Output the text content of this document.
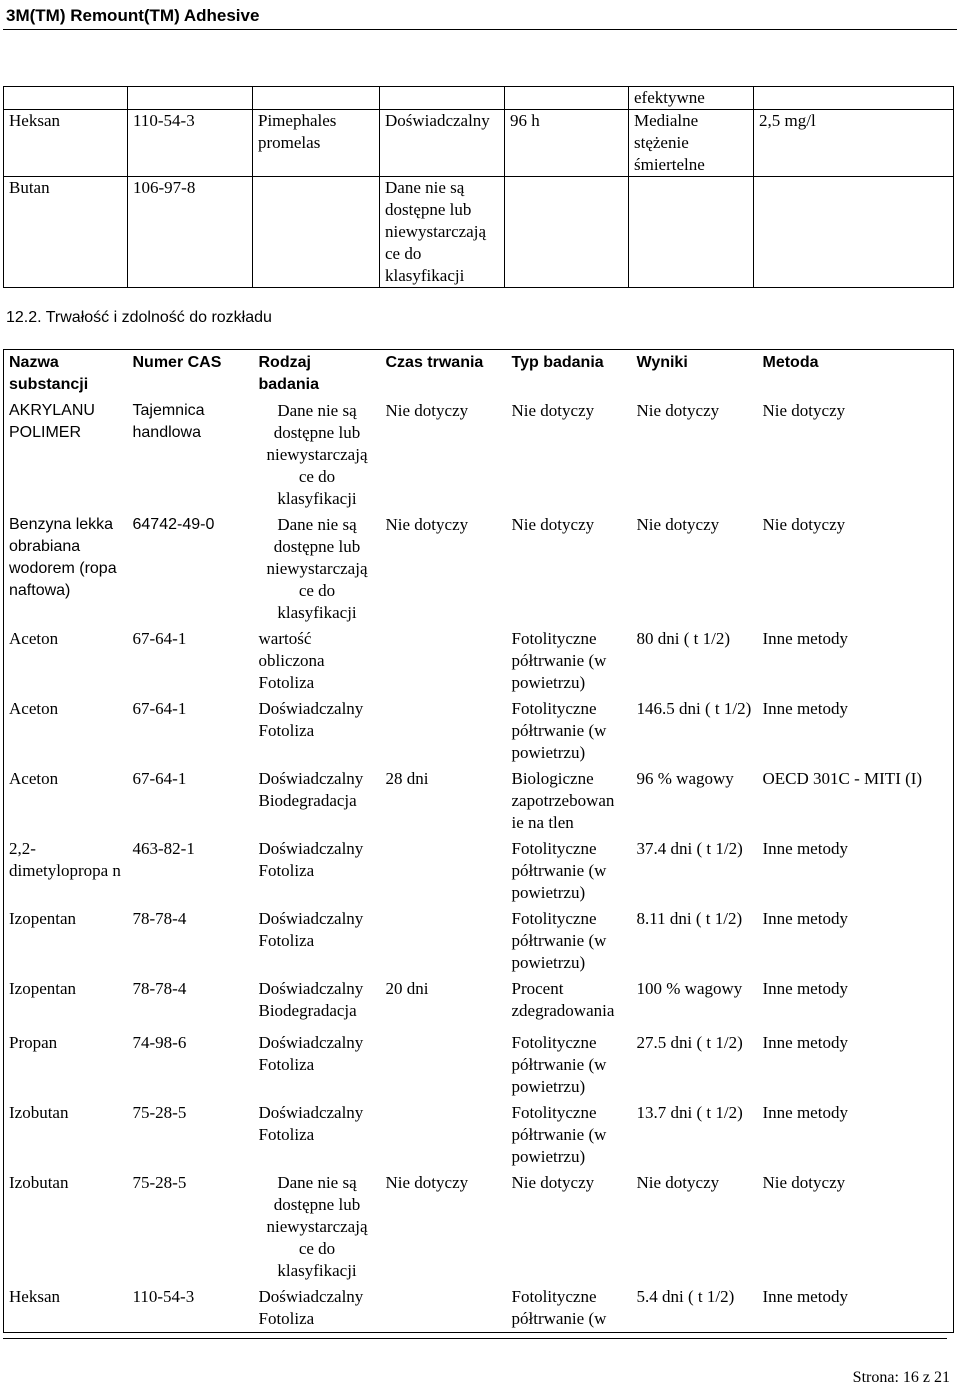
3M(TM) Remount(TM) Adhesive
					efektywne	
Heksan	110-54-3	Pimephales promelas	Doświadczalny	96 h	Medialne stężenie śmiertelne	2,5 mg/l
Butan	106-97-8		Dane nie są dostępne lub niewystarczają ce do klasyfikacji			
12.2. Trwałość i zdolność do rozkładu
Nazwa substancji	Numer CAS	Rodzaj badania	Czas trwania	Typ badania	Wyniki	Metoda
AKRYLANU POLIMER	Tajemnica handlowa	Dane nie są dostępne lub niewystarczają ce do klasyfikacji	Nie dotyczy	Nie dotyczy	Nie dotyczy	Nie dotyczy
Benzyna lekka obrabiana wodorem (ropa naftowa)	64742-49-0	Dane nie są dostępne lub niewystarczają ce do klasyfikacji	Nie dotyczy	Nie dotyczy	Nie dotyczy	Nie dotyczy
Aceton	67-64-1	wartość obliczona Fotoliza		Fotolityczne półtrwanie (w powietrzu)	80 dni ( t 1/2)	Inne metody
Aceton	67-64-1	Doświadczalny Fotoliza		Fotolityczne półtrwanie (w powietrzu)	146.5 dni ( t 1/2)	Inne metody
Aceton	67-64-1	Doświadczalny Biodegradacja	28 dni	Biologiczne zapotrzebowan ie na tlen	96 % wagowy	OECD 301C - MITI (I)
2,2-dimetylopropa n	463-82-1	Doświadczalny Fotoliza		Fotolityczne półtrwanie (w powietrzu)	37.4 dni ( t 1/2)	Inne metody
Izopentan	78-78-4	Doświadczalny Fotoliza		Fotolityczne półtrwanie (w powietrzu)	8.11 dni ( t 1/2)	Inne metody
Izopentan	78-78-4	Doświadczalny Biodegradacja	20 dni	Procent zdegradowania	100 % wagowy	Inne metody

Propan	74-98-6	Doświadczalny Fotoliza		Fotolityczne półtrwanie (w powietrzu)	27.5 dni ( t 1/2)	Inne metody
Izobutan	75-28-5	Doświadczalny Fotoliza		Fotolityczne półtrwanie (w powietrzu)	13.7 dni ( t 1/2)	Inne metody
Izobutan	75-28-5	Dane nie są dostępne lub niewystarczają ce do klasyfikacji	Nie dotyczy	Nie dotyczy	Nie dotyczy	Nie dotyczy
Heksan	110-54-3	Doświadczalny Fotoliza		Fotolityczne półtrwanie (w	5.4 dni ( t 1/2)	Inne metody
Strona: 16 z 21
